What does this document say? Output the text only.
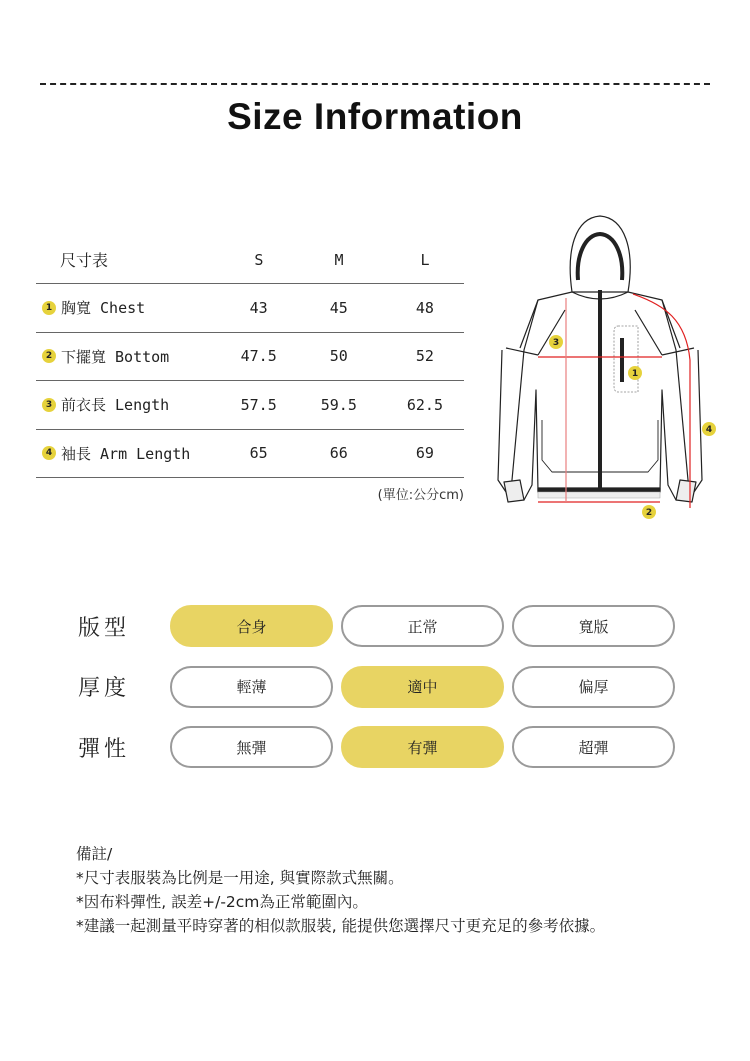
Size Information
尺寸表	S	M	L
1 胸寬 Chest	43	45	48
2 下擺寬 Bottom	47.5	50	52
3 前衣長 Length	57.5	59.5	62.5
4 袖長 Arm Length	65	66	69
(單位:公分cm)
1
2
3
4
版型	合身	正常	寬版
厚度	輕薄	適中	偏厚
彈性	無彈	有彈	超彈
備註/
*尺寸表服裝為比例是一用途, 與實際款式無關。
*因布料彈性, 誤差+/-2cm為正常範圍內。
*建議一起測量平時穿著的相似款服裝, 能提供您選擇尺寸更充足的參考依據。
